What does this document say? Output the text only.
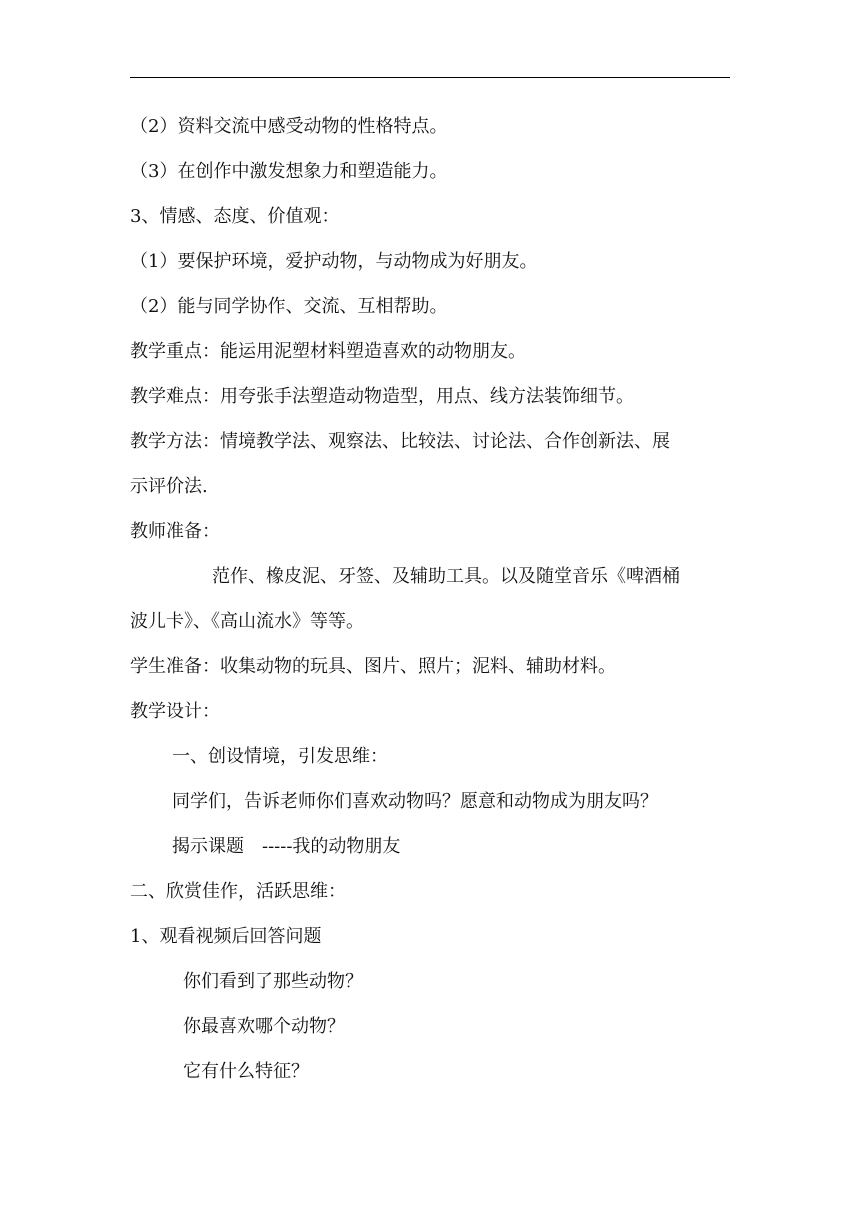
（2）资料交流中感受动物的性格特点。
（3）在创作中激发想象力和塑造能力。
3、情感、态度、价值观：
（1）要保护环境，爱护动物，与动物成为好朋友。
（2）能与同学协作、交流、互相帮助。
教学重点：能运用泥塑材料塑造喜欢的动物朋友。
教学难点：用夸张手法塑造动物造型，用点、线方法装饰细节。
教学方法：情境教学法、观察法、比较法、讨论法、合作创新法、展
示评价法.
教师准备：
范作、橡皮泥、牙签、及辅助工具。以及随堂音乐《啤酒桶
波儿卡》、《高山流水》等等。
学生准备：收集动物的玩具、图片、照片；泥料、辅助材料。
教学设计：
一、创设情境，引发思维：
同学们，告诉老师你们喜欢动物吗？愿意和动物成为朋友吗？
揭示课题　-----我的动物朋友
二、欣赏佳作，活跃思维：
1、观看视频后回答问题
你们看到了那些动物？
你最喜欢哪个动物？
它有什么特征？
